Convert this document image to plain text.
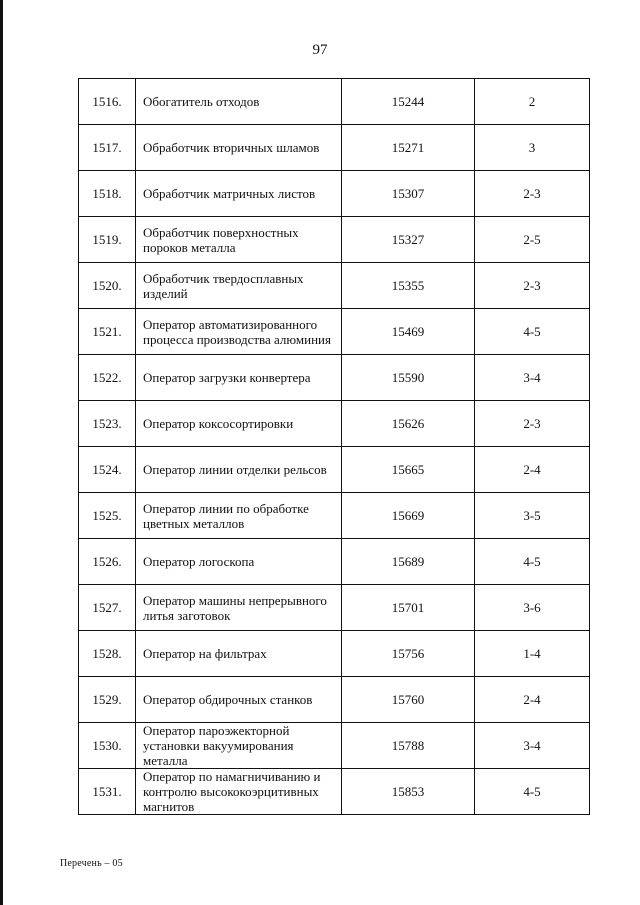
97
1516.	Обогатитель отходов	15244	2
1517.	Обработчик вторичных шламов	15271	3
1518.	Обработчик матричных листов	15307	2-3
1519.	Обработчик поверхностных пороков металла	15327	2-5
1520.	Обработчик твердосплавных изделий	15355	2-3
1521.	Оператор автоматизированного процесса производства алюминия	15469	4-5
1522.	Оператор загрузки конвертера	15590	3-4
1523.	Оператор коксосортировки	15626	2-3
1524.	Оператор линии отделки рельсов	15665	2-4
1525.	Оператор линии по обработке цветных металлов	15669	3-5
1526.	Оператор логоскопа	15689	4-5
1527.	Оператор машины непрерывного литья заготовок	15701	3-6
1528.	Оператор на фильтрах	15756	1-4
1529.	Оператор обдирочных станков	15760	2-4
1530.	Оператор пароэжекторной установки вакуумирования металла	15788	3-4
1531.	Оператор по намагничиванию и контролю высококоэрцитивных магнитов	15853	4-5
Перечень – 05
